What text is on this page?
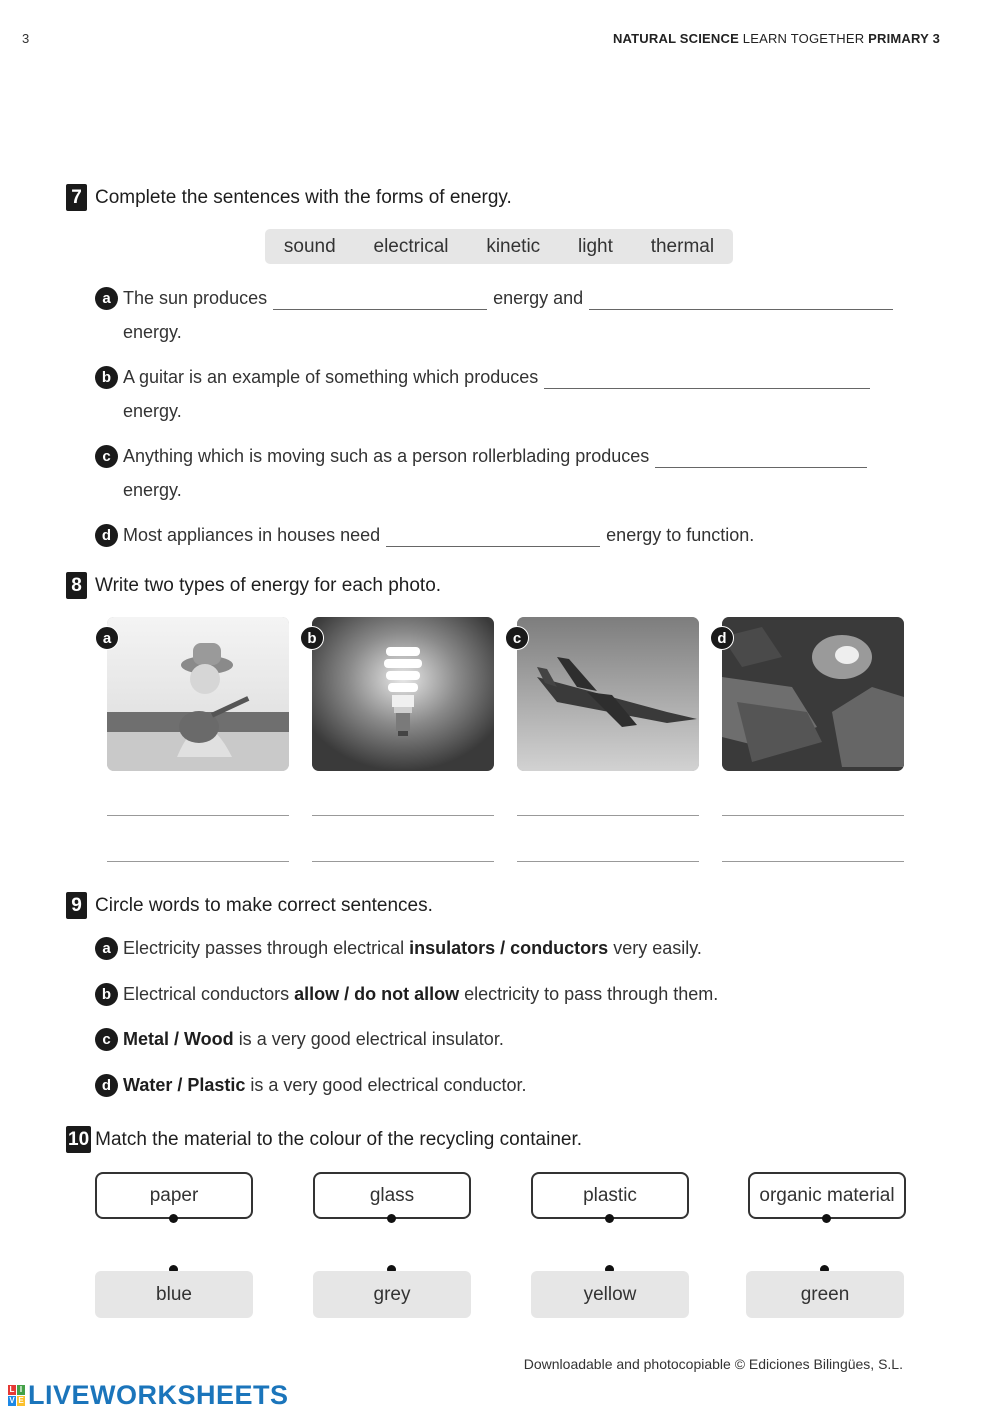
3	NATURAL SCIENCE LEARN TOGETHER PRIMARY 3
7 Complete the sentences with the forms of energy.
sound electrical kinetic light thermal
a The sun produces	energy and
energy.
b A guitar is an example of something which produces
energy.
c Anything which is moving such as a person rollerblading produces
energy.
d Most appliances in houses need	energy to function.
8 Write two types of energy for each photo.
a	b	c	d
9 Circle words to make correct sentences.
a Electricity passes through electrical
insulators / conductors
very easily.
b Electrical conductors
allow / do not allow
electricity to pass through them.
c Metal / Wood
is a very good electrical insulator.
d Water / Plastic
is a very good electrical conductor.
10 Match the material to the colour of the recycling container.
paper	glass	plastic	organic material
blue	grey	yellow	green
Downloadable and photocopiable © Ediciones Bilingües, S.L.
L I
V E LIVEWORKSHEETS
